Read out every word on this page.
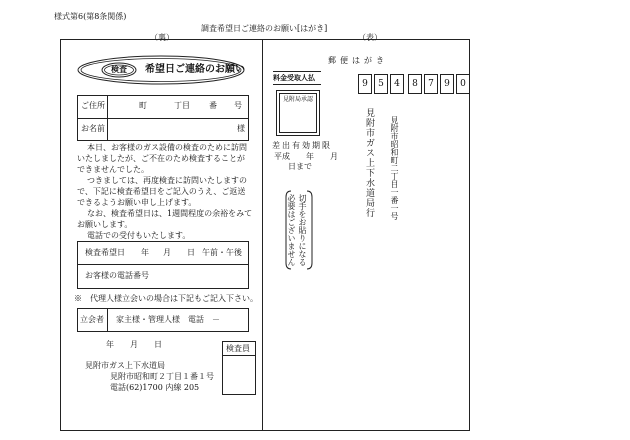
様式第6(第8条関係)
調査希望日ご連絡のお願い[はがき]
（裏）	（表）
検査	希望日ご連絡のお願い
ご住所	町	丁目 番 号
お名前	様
本日、お客様のガス設備の検査のために訪問
いたしましたが、ご不在のため検査することが
できませんでした。
つきましては、再度検査に訪問いたしますの
で、下記に検査希望日をご記入のうえ、ご返送
できるようお願い申し上げます。
なお、検査希望日は、1週間程度の余裕をみて
お願いします。
電話での受付もいたします。
検査希望日 年 月 日 午前・午後
お客様の電話番号
※　代理人様立会いの場合は下記もご記入下さい。
立会者 家主様・管理人様　電話　－
年　　月　　日
見附市ガス上下水道局
見附市昭和町２丁目１番１号
電話(62)1700 内線 205
検査員
郵便はがき
料金受取人払
見附局承認
9	5	4	8	7	9	0
差出有効期限
平成　　年　　月
日まで
切手をお貼りになる
必要はございません
見附市昭和町二丁目一番一号
見附市ガス上下水道局行
